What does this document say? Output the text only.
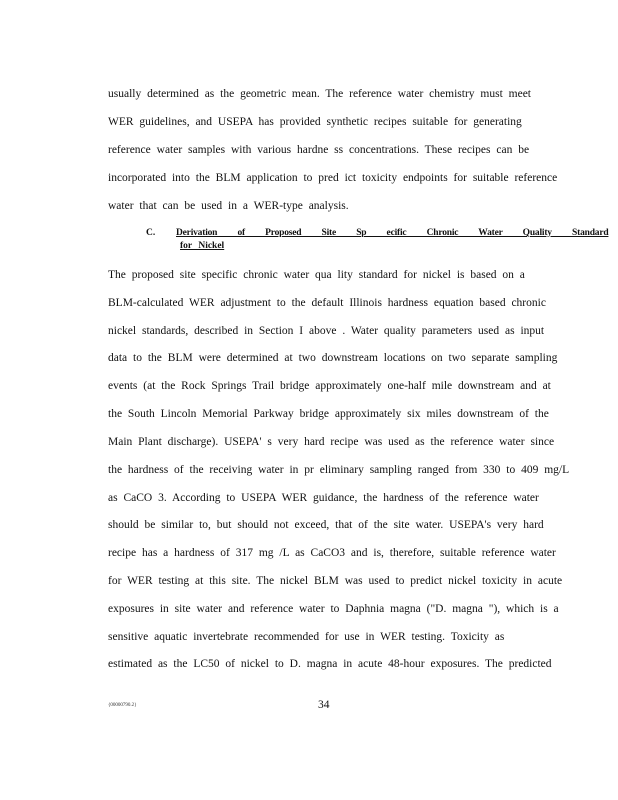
usually determined as the geometric mean. The reference water chemistry must meet
WER guidelines, and USEPA has provided synthetic recipes suitable for generating
reference water samples with various hardne ss concentrations. These recipes can be
incorporated into the BLM application to pred ict toxicity endpoints for suitable reference
water that can be used in a WER-type analysis.
C. Derivation of Proposed Site Sp ecific Chronic Water Quality Standard
for Nickel
The proposed site specific chronic water qua lity standard for nickel is based on a
BLM-calculated WER adjustment to the default Illinois hardness equation based chronic
nickel standards, described in Section I above . Water quality parameters used as input
data to the BLM were determined at two downstream locations on two separate sampling
events (at the Rock Springs Trail bridge approximately one-half mile downstream and at
the South Lincoln Memorial Parkway bridge approximately six miles downstream of the
Main Plant discharge). USEPA' s very hard recipe was used as the reference water since
the hardness of the receiving water in pr eliminary sampling ranged from 330 to 409 mg/L
as CaCO 3. According to USEPA WER guidance, the hardness of the reference water
should be similar to, but should not exceed, that of the site water. USEPA's very hard
recipe has a hardness of 317 mg /L as CaCO3 and is, therefore, suitable reference water
for WER testing at this site. The nickel BLM was used to predict nickel toxicity in acute
exposures in site water and reference water to Daphnia magna ("D. magna "), which is a
sensitive aquatic invertebrate recommended for use in WER testing. Toxicity as
estimated as the LC50 of nickel to D. magna in acute 48-hour exposures. The predicted
{00000790.2}	34
